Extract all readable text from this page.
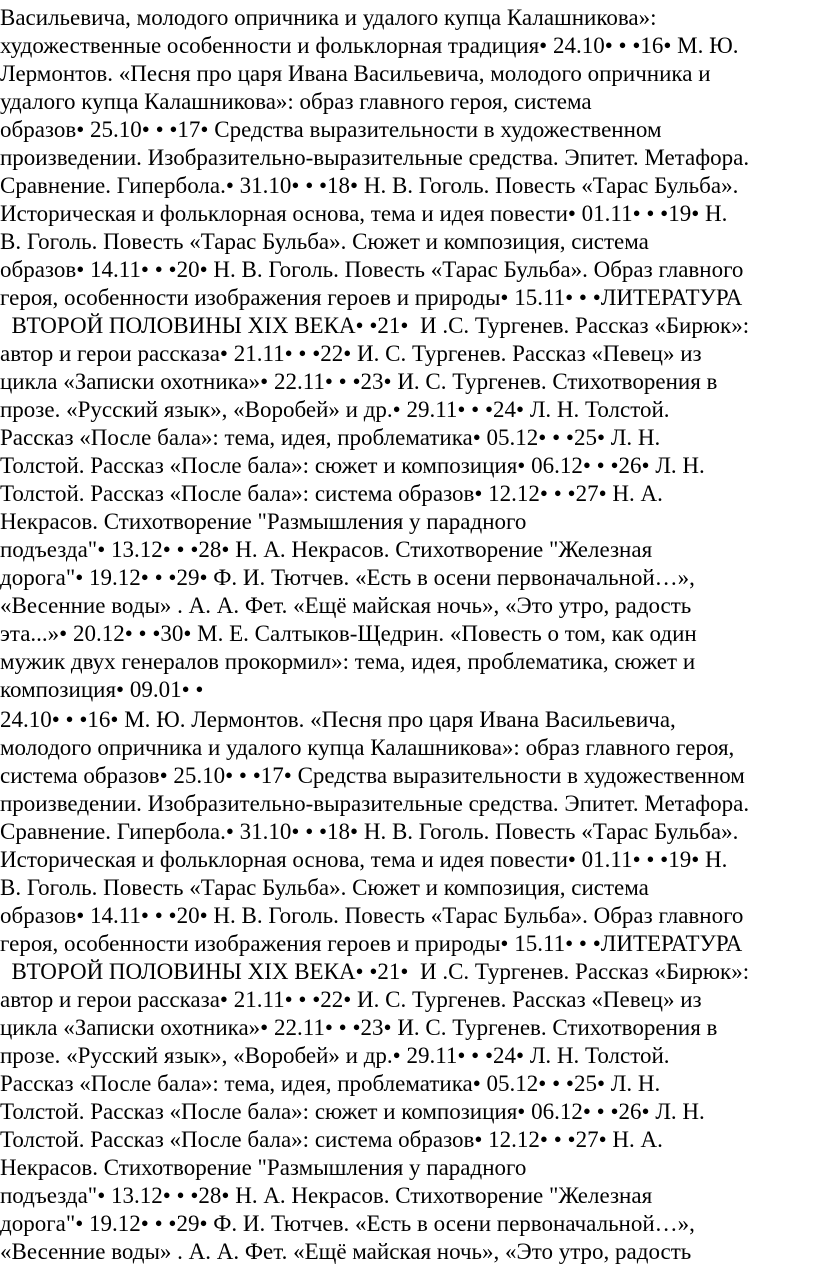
Васильевича, молодого опричника и удалого купца Калашникова»:
художественные особенности и фольклорная традиция• 24.10• • •16• М. Ю.
Лермонтов. «Песня про царя Ивана Васильевича, молодого опричника и
удалого купца Калашникова»: образ главного героя, система
образов• 25.10• • •17• Средства выразительности в художественном
произведении. Изобразительно-выразительные средства. Эпитет. Метафора.
Сравнение. Гипербола.• 31.10• • •18• Н. В. Гоголь. Повесть «Тарас Бульба».
Историческая и фольклорная основа, тема и идея повести• 01.11• • •19• Н.
В. Гоголь. Повесть «Тарас Бульба». Сюжет и композиция, система
образов• 14.11• • •20• Н. В. Гоголь. Повесть «Тарас Бульба». Образ главного
героя, особенности изображения героев и природы• 15.11• • •ЛИТЕРАТУРА
ВТОРОЙ ПОЛОВИНЫ XIX ВЕКА• •21•  И .С. Тургенев. Рассказ «Бирюк»:
автор и герои рассказа• 21.11• • •22• И. С. Тургенев. Рассказ «Певец» из
цикла «Записки охотника»• 22.11• • •23• И. С. Тургенев. Стихотворения в
прозе. «Русский язык», «Воробей» и др.• 29.11• • •24• Л. Н. Толстой.
Рассказ «После бала»: тема, идея, проблематика• 05.12• • •25• Л. Н.
Толстой. Рассказ «После бала»: сюжет и композиция• 06.12• • •26• Л. Н.
Толстой. Рассказ «После бала»: система образов• 12.12• • •27• Н. А.
Некрасов. Стихотворение "Размышления у парадного
подъезда"• 13.12• • •28• Н. А. Некрасов. Стихотворение "Железная
дорога"• 19.12• • •29• Ф. И. Тютчев. «Есть в осени первоначальной…»,
«Весенние воды» . А. А. Фет. «Ещё майская ночь», «Это утро, радость
эта...»• 20.12• • •30• М. Е. Салтыков-Щедрин. «Повесть о том, как один
мужик двух генералов прокормил»: тема, идея, проблематика, сюжет и
композиция• 09.01• •
24.10• • •16• М. Ю. Лермонтов. «Песня про царя Ивана Васильевича,
молодого опричника и удалого купца Калашникова»: образ главного героя,
система образов• 25.10• • •17• Средства выразительности в художественном
произведении. Изобразительно-выразительные средства. Эпитет. Метафора.
Сравнение. Гипербола.• 31.10• • •18• Н. В. Гоголь. Повесть «Тарас Бульба».
Историческая и фольклорная основа, тема и идея повести• 01.11• • •19• Н.
В. Гоголь. Повесть «Тарас Бульба». Сюжет и композиция, система
образов• 14.11• • •20• Н. В. Гоголь. Повесть «Тарас Бульба». Образ главного
героя, особенности изображения героев и природы• 15.11• • •ЛИТЕРАТУРА
ВТОРОЙ ПОЛОВИНЫ XIX ВЕКА• •21•  И .С. Тургенев. Рассказ «Бирюк»:
автор и герои рассказа• 21.11• • •22• И. С. Тургенев. Рассказ «Певец» из
цикла «Записки охотника»• 22.11• • •23• И. С. Тургенев. Стихотворения в
прозе. «Русский язык», «Воробей» и др.• 29.11• • •24• Л. Н. Толстой.
Рассказ «После бала»: тема, идея, проблематика• 05.12• • •25• Л. Н.
Толстой. Рассказ «После бала»: сюжет и композиция• 06.12• • •26• Л. Н.
Толстой. Рассказ «После бала»: система образов• 12.12• • •27• Н. А.
Некрасов. Стихотворение "Размышления у парадного
подъезда"• 13.12• • •28• Н. А. Некрасов. Стихотворение "Железная
дорога"• 19.12• • •29• Ф. И. Тютчев. «Есть в осени первоначальной…»,
«Весенние воды» . А. А. Фет. «Ещё майская ночь», «Это утро, радость
